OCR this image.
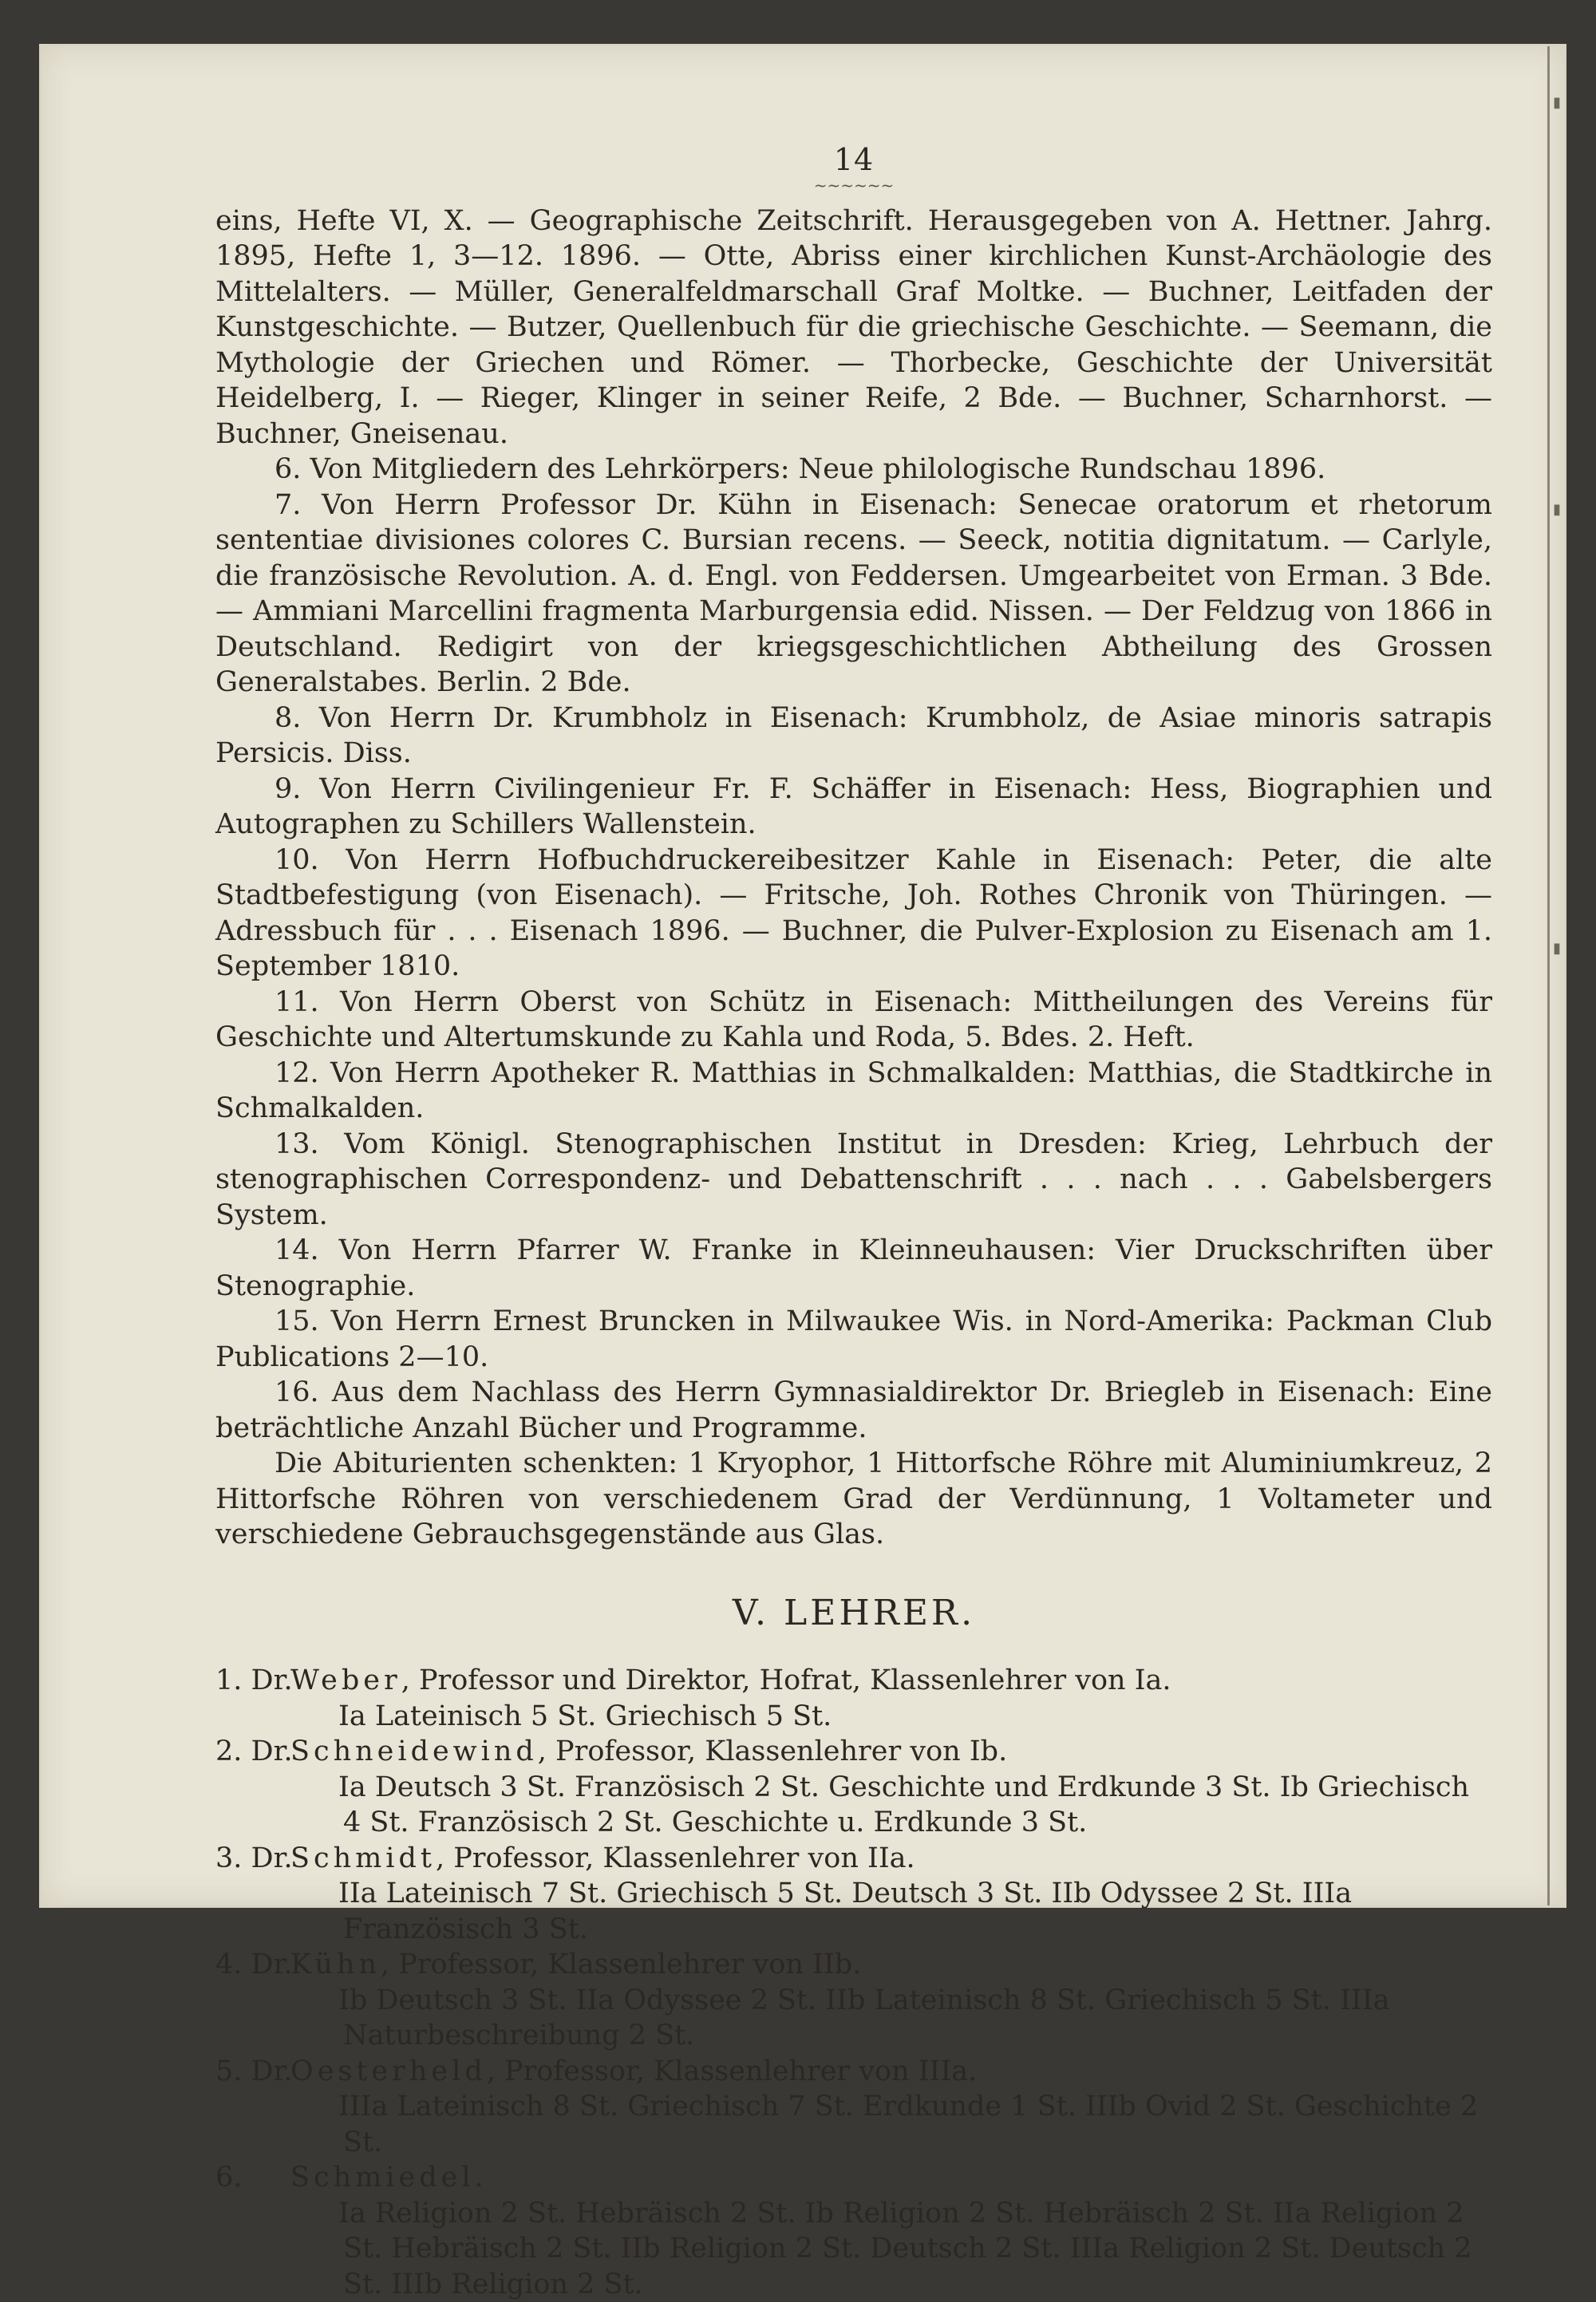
▮
▮
▮
14
~~~~~~

eins, Hefte VI, X. — Geographische Zeitschrift. Herausgegeben von A. Hettner. Jahrg. 1895, Hefte 1, 3—12. 1896. — Otte, Abriss einer kirchlichen Kunst-Archäologie des Mittelalters. — Müller, Generalfeldmarschall Graf Moltke. — Buchner, Leitfaden der Kunstgeschichte. — Butzer, Quellenbuch für die griechische Geschichte. — Seemann, die Mythologie der Griechen und Römer. — Thorbecke, Geschichte der Universität Heidelberg, I. — Rieger, Klinger in seiner Reife, 2 Bde. — Buchner, Scharnhorst. — Buchner, Gneisenau.

6. Von Mitgliedern des Lehrkörpers: Neue philologische Rundschau 1896.

7. Von Herrn Professor Dr. Kühn in Eisenach: Senecae oratorum et rhetorum sententiae divisiones colores C. Bursian recens. — Seeck, notitia dignitatum. — Carlyle, die französische Revolution. A. d. Engl. von Feddersen. Umgearbeitet von Erman. 3 Bde. — Ammiani Marcellini fragmenta Marburgensia edid. Nissen. — Der Feldzug von 1866 in Deutschland. Redigirt von der kriegsgeschichtlichen Abtheilung des Grossen Generalstabes. Berlin. 2 Bde.

8. Von Herrn Dr. Krumbholz in Eisenach: Krumbholz, de Asiae minoris satrapis Persicis. Diss.

9. Von Herrn Civilingenieur Fr. F. Schäffer in Eisenach: Hess, Biographien und Autographen zu Schillers Wallenstein.

10. Von Herrn Hofbuchdruckereibesitzer Kahle in Eisenach: Peter, die alte Stadtbefestigung (von Eisenach). — Fritsche, Joh. Rothes Chronik von Thüringen. — Adressbuch für . . . Eisenach 1896. — Buchner, die Pulver-Explosion zu Eisenach am 1. September 1810.

11. Von Herrn Oberst von Schütz in Eisenach: Mittheilungen des Vereins für Geschichte und Altertumskunde zu Kahla und Roda, 5. Bdes. 2. Heft.

12. Von Herrn Apotheker R. Matthias in Schmalkalden: Matthias, die Stadtkirche in Schmalkalden.

13. Vom Königl. Stenographischen Institut in Dresden: Krieg, Lehrbuch der stenographischen Correspondenz- und Debattenschrift . . . nach . . . Gabelsbergers System.

14. Von Herrn Pfarrer W. Franke in Kleinneuhausen: Vier Druckschriften über Stenographie.

15. Von Herrn Ernest Bruncken in Milwaukee Wis. in Nord-Amerika: Packman Club Publications 2—10.

16. Aus dem Nachlass des Herrn Gymnasialdirektor Dr. Briegleb in Eisenach: Eine beträchtliche Anzahl Bücher und Programme.

Die Abiturienten schenkten: 1 Kryophor, 1 Hittorfsche Röhre mit Aluminiumkreuz, 2 Hittorfsche Röhren von verschiedenem Grad der Verdünnung, 1 Voltameter und verschiedene Gebrauchsgegenstände aus Glas.

V. LEHRER.
1. Dr.
Weber, Professor und Direktor, Hofrat, Klassenlehrer von Ia.
Ia Lateinisch 5 St. Griechisch 5 St.
2. Dr.
Schneidewind, Professor, Klassenlehrer von Ib.
Ia Deutsch 3 St. Französisch 2 St. Geschichte und Erdkunde 3 St. Ib Griechisch 4 St. Französisch 2 St. Geschichte u. Erdkunde 3 St.
3. Dr.
Schmidt, Professor, Klassenlehrer von IIa.
IIa Lateinisch 7 St. Griechisch 5 St. Deutsch 3 St. IIb Odyssee 2 St. IIIa Französisch 3 St.
4. Dr.
Kühn, Professor, Klassenlehrer von IIb.
Ib Deutsch 3 St. IIa Odyssee 2 St. IIb Lateinisch 8 St. Griechisch 5 St. IIIa Naturbeschreibung 2 St.
5. Dr.
Oesterheld, Professor, Klassenlehrer von IIIa.
IIIa Lateinisch 8 St. Griechisch 7 St. Erdkunde 1 St. IIIb Ovid 2 St. Geschichte 2 St.
6. Schmiedel.
Ia Religion 2 St. Hebräisch 2 St. Ib Religion 2 St. Hebräisch 2 St. IIa Religion 2 St. Hebräisch 2 St. IIb Religion 2 St. Deutsch 2 St. IIIa Religion 2 St. Deutsch 2 St. IIIb Religion 2 St.
